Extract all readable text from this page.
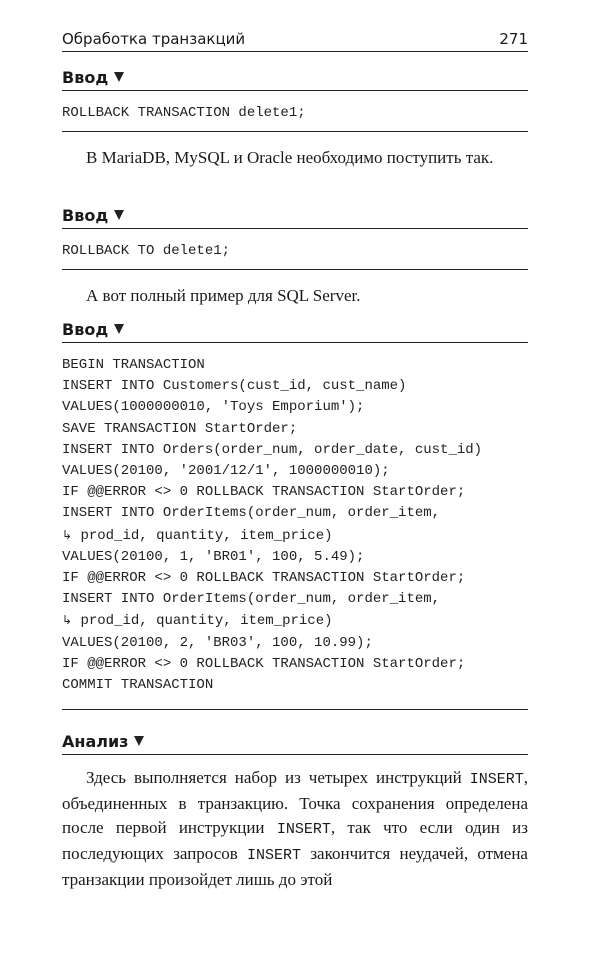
Обработка транзакций	271
Ввод
ROLLBACK TRANSACTION delete1;
В MariaDB, MySQL и Oracle необходимо поступить так.
Ввод
ROLLBACK TO delete1;
А вот полный пример для SQL Server.
Ввод
BEGIN TRANSACTION
INSERT INTO Customers(cust_id, cust_name)
VALUES(1000000010, 'Toys Emporium');
SAVE TRANSACTION StartOrder;
INSERT INTO Orders(order_num, order_date, cust_id)
VALUES(20100, '2001/12/1', 1000000010);
IF @@ERROR <> 0 ROLLBACK TRANSACTION StartOrder;
INSERT INTO OrderItems(order_num, order_item,
↳ prod_id, quantity, item_price)
VALUES(20100, 1, 'BR01', 100, 5.49);
IF @@ERROR <> 0 ROLLBACK TRANSACTION StartOrder;
INSERT INTO OrderItems(order_num, order_item,
↳ prod_id, quantity, item_price)
VALUES(20100, 2, 'BR03', 100, 10.99);
IF @@ERROR <> 0 ROLLBACK TRANSACTION StartOrder;
COMMIT TRANSACTION
Анализ
Здесь выполняется набор из четырех инструкций INSERT, объединенных в транзакцию. Точка сохранения определена после первой инструкции INSERT, так что если один из последующих запросов INSERT закончится неудачей, отмена транзакции произойдет лишь до этой
